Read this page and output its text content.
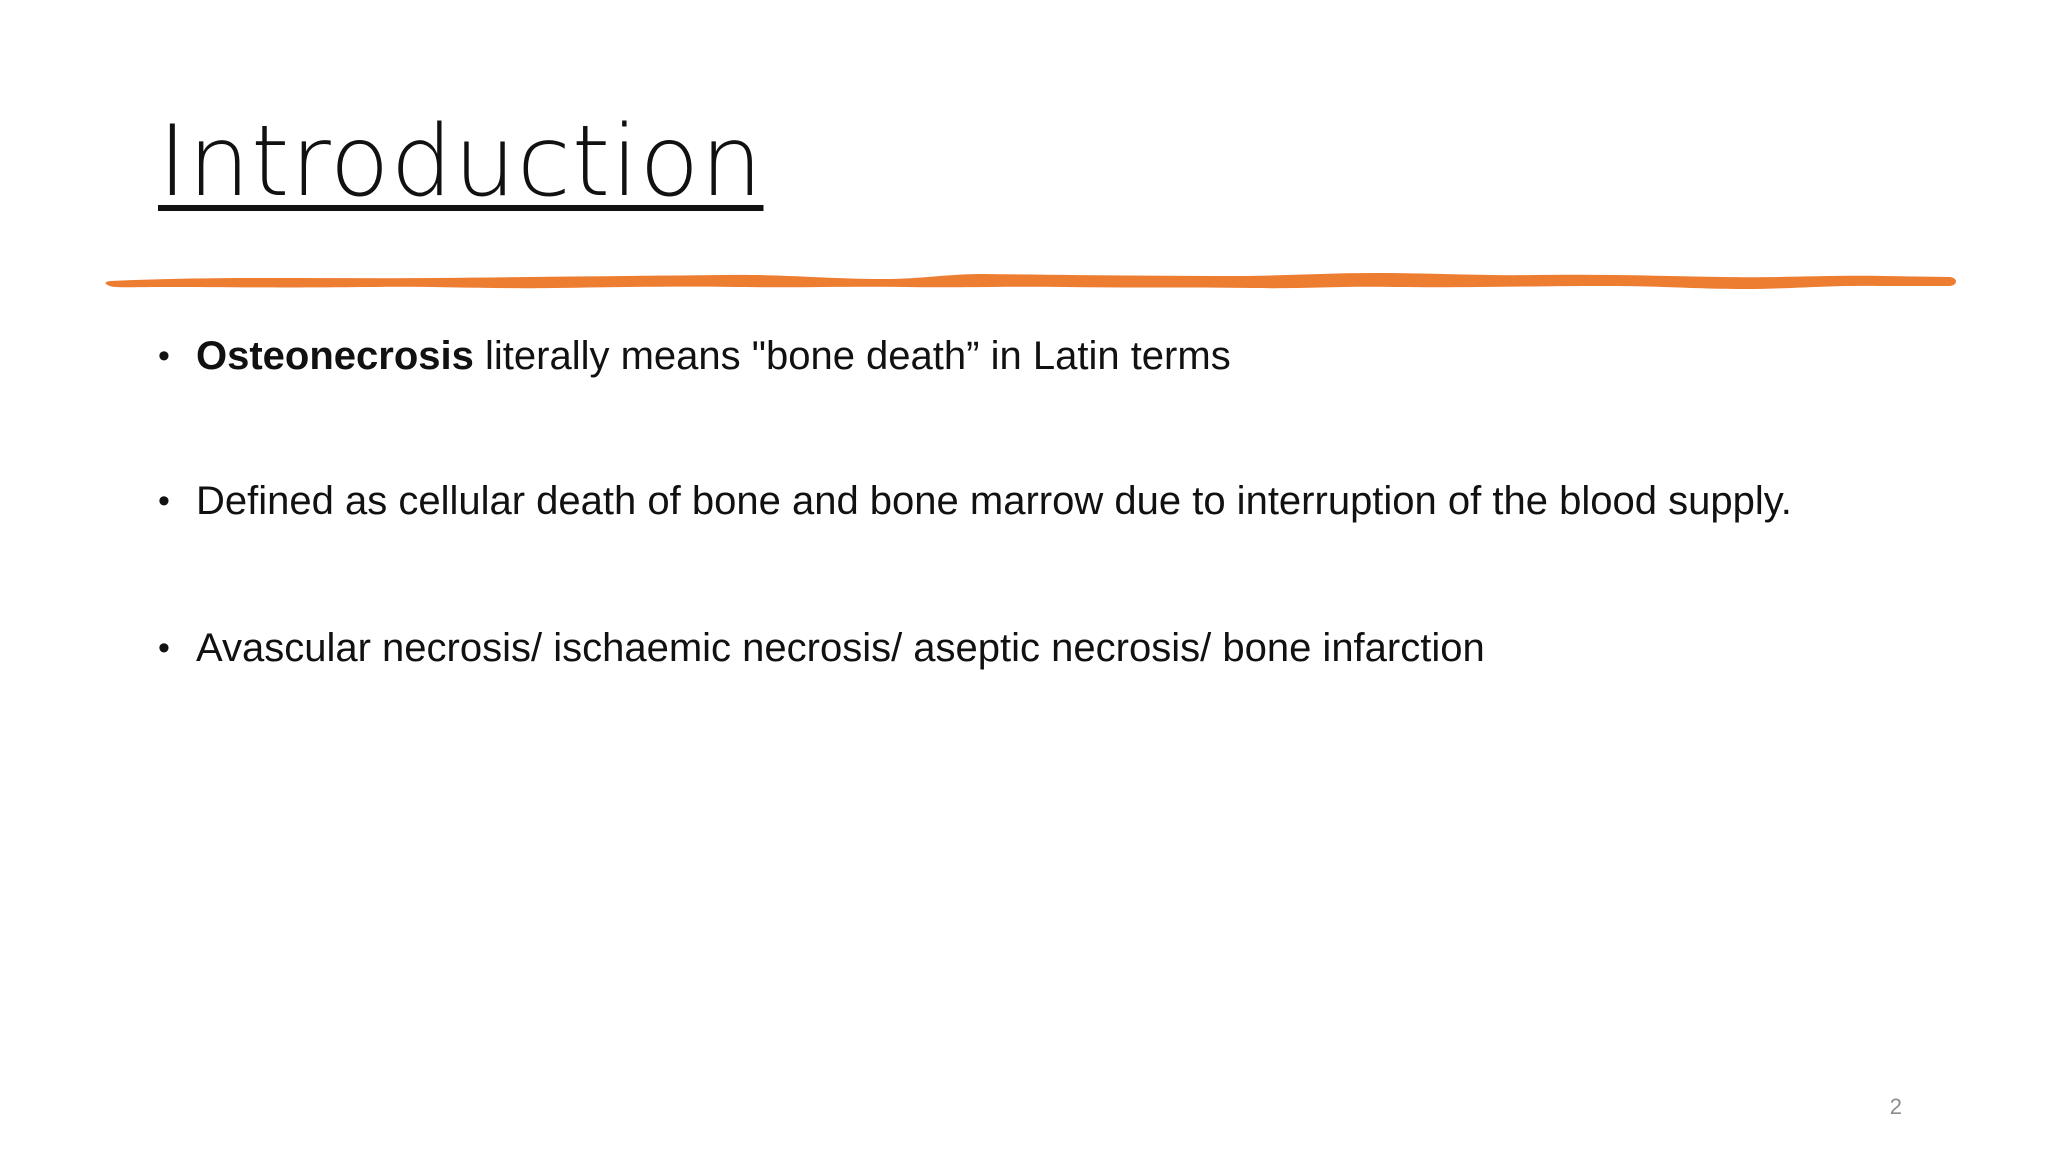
Introduction
• Osteonecrosis literally means "bone death” in Latin terms
• Defined as cellular death of bone and bone marrow due to interruption of the blood supply.
• Avascular necrosis/ ischaemic necrosis/ aseptic necrosis/ bone infarction
2
